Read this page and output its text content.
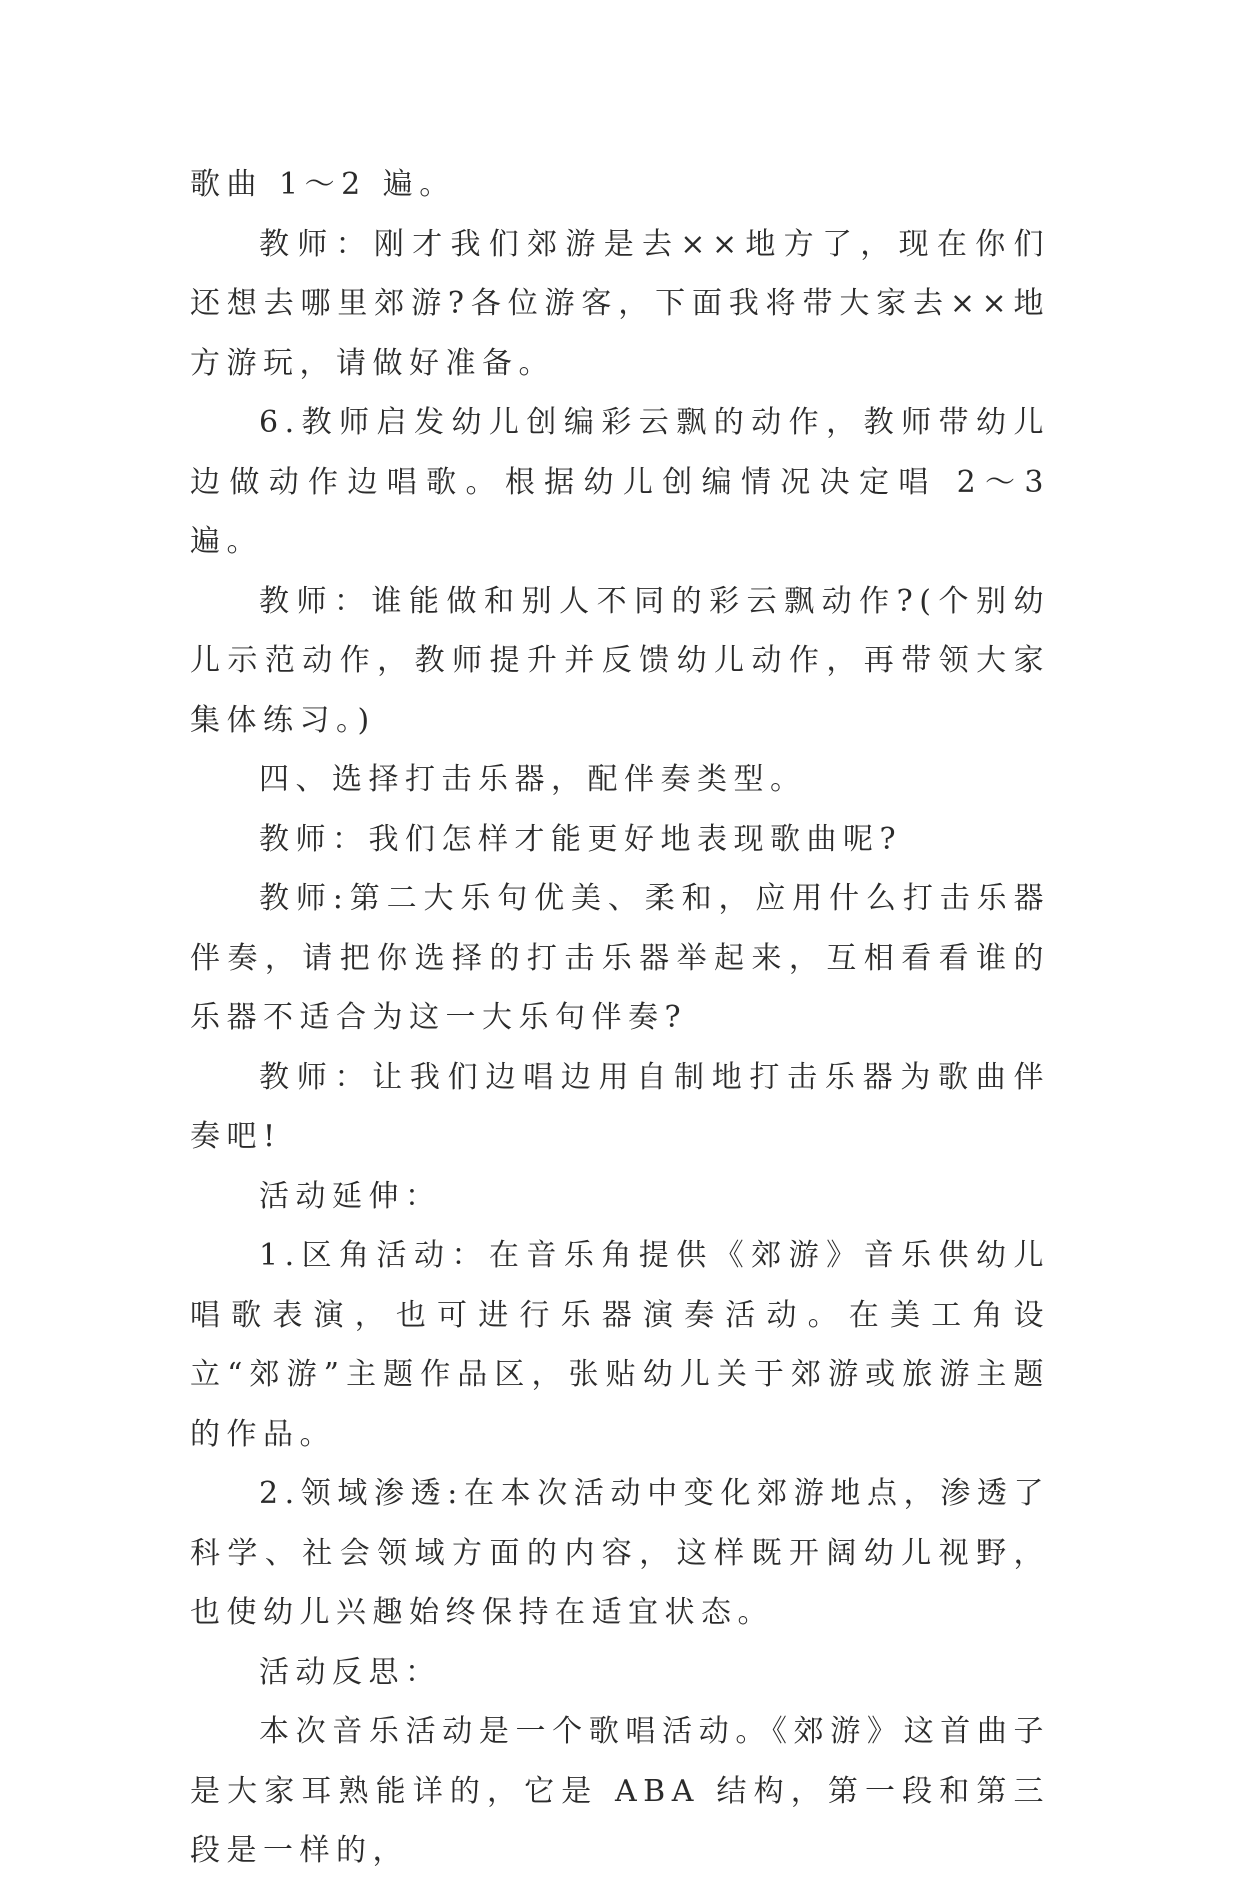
歌曲 1～2 遍。

教师：刚才我们郊游是去××地方了，现在你们还想去哪里郊游?各位游客，下面我将带大家去××地方游玩，请做好准备。

6.教师启发幼儿创编彩云飘的动作，教师带幼儿边做动作边唱歌。根据幼儿创编情况决定唱 2～3 遍。

教师：谁能做和别人不同的彩云飘动作?(个别幼儿示范动作，教师提升并反馈幼儿动作，再带领大家集体练习。)

四、选择打击乐器，配伴奏类型。

教师：我们怎样才能更好地表现歌曲呢?

教师:第二大乐句优美、柔和，应用什么打击乐器伴奏，请把你选择的打击乐器举起来，互相看看谁的乐器不适合为这一大乐句伴奏?

教师：让我们边唱边用自制地打击乐器为歌曲伴奏吧!

活动延伸：

1.区角活动：在音乐角提供《郊游》音乐供幼儿唱歌表演，也可进行乐器演奏活动。在美工角设立“郊游”主题作品区，张贴幼儿关于郊游或旅游主题的作品。

2.领域渗透:在本次活动中变化郊游地点，渗透了科学、社会领域方面的内容，这样既开阔幼儿视野，也使幼儿兴趣始终保持在适宜状态。

活动反思：

本次音乐活动是一个歌唱活动。《郊游》这首曲子是大家耳熟能详的，它是 ABA 结构，第一段和第三段是一样的，
